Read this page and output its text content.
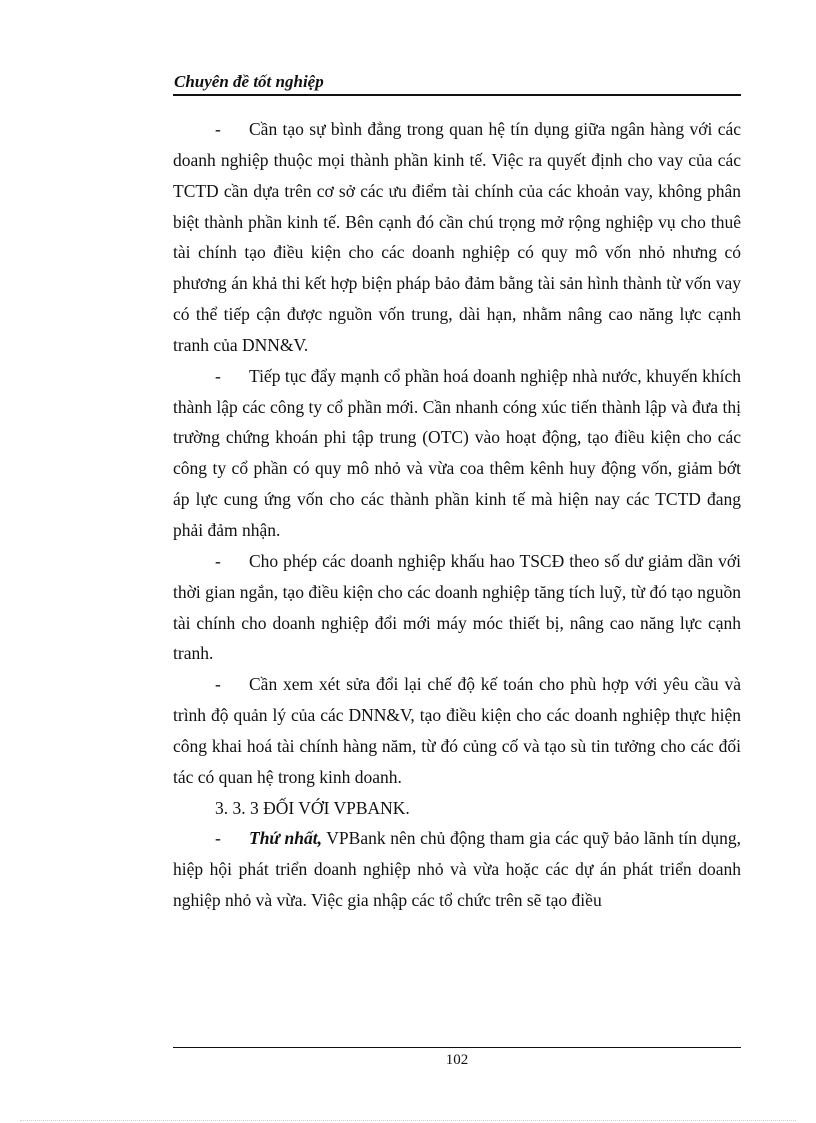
Chuyên đề tốt nghiệp

- Cần tạo sự bình đẳng trong quan hệ tín dụng giữa ngân hàng với các doanh nghiệp thuộc mọi thành phần kinh tế. Việc ra quyết định cho vay của các TCTD cần dựa trên cơ sở các ưu điểm tài chính của các khoản vay, không phân biệt thành phần kinh tế. Bên cạnh đó cần chú trọng mở rộng nghiệp vụ cho thuê tài chính tạo điều kiện cho các doanh nghiệp có quy mô vốn nhỏ nhưng có phương án khả thi kết hợp biện pháp bảo đảm bằng tài sản hình thành từ vốn vay có thể tiếp cận được nguồn vốn trung, dài hạn, nhằm nâng cao năng lực cạnh tranh của DNN&V.

- Tiếp tục đẩy mạnh cổ phần hoá doanh nghiệp nhà nước, khuyến khích thành lập các công ty cổ phần mới. Cần nhanh cóng xúc tiến thành lập và đưa thị trường chứng khoán phi tập trung (OTC) vào hoạt động, tạo điều kiện cho các công ty cổ phần có quy mô nhỏ và vừa coa thêm kênh huy động vốn, giảm bớt áp lực cung ứng vốn cho các thành phần kinh tế mà hiện nay các TCTD đang phải đảm nhận.

- Cho phép các doanh nghiệp khấu hao TSCĐ theo số dư giảm dần với thời gian ngắn, tạo điều kiện cho các doanh nghiệp tăng tích luỹ, từ đó tạo nguồn tài chính cho doanh nghiệp đổi mới máy móc thiết bị, nâng cao năng lực cạnh tranh.

- Cần xem xét sửa đổi lại chế độ kế toán cho phù hợp với yêu cầu và trình độ quản lý của các DNN&V, tạo điều kiện cho các doanh nghiệp thực hiện công khai hoá tài chính hàng năm, từ đó củng cố và tạo sù tin tưởng cho các đối tác có quan hệ trong kinh doanh.

3. 3. 3 ĐỐI VỚI VPBANK.

- Thứ nhất, VPBank nên chủ động tham gia các quỹ bảo lãnh tín dụng, hiệp hội phát triển doanh nghiệp nhỏ và vừa hoặc các dự án phát triển doanh nghiệp nhỏ và vừa. Việc gia nhập các tổ chức trên sẽ tạo điều

102
